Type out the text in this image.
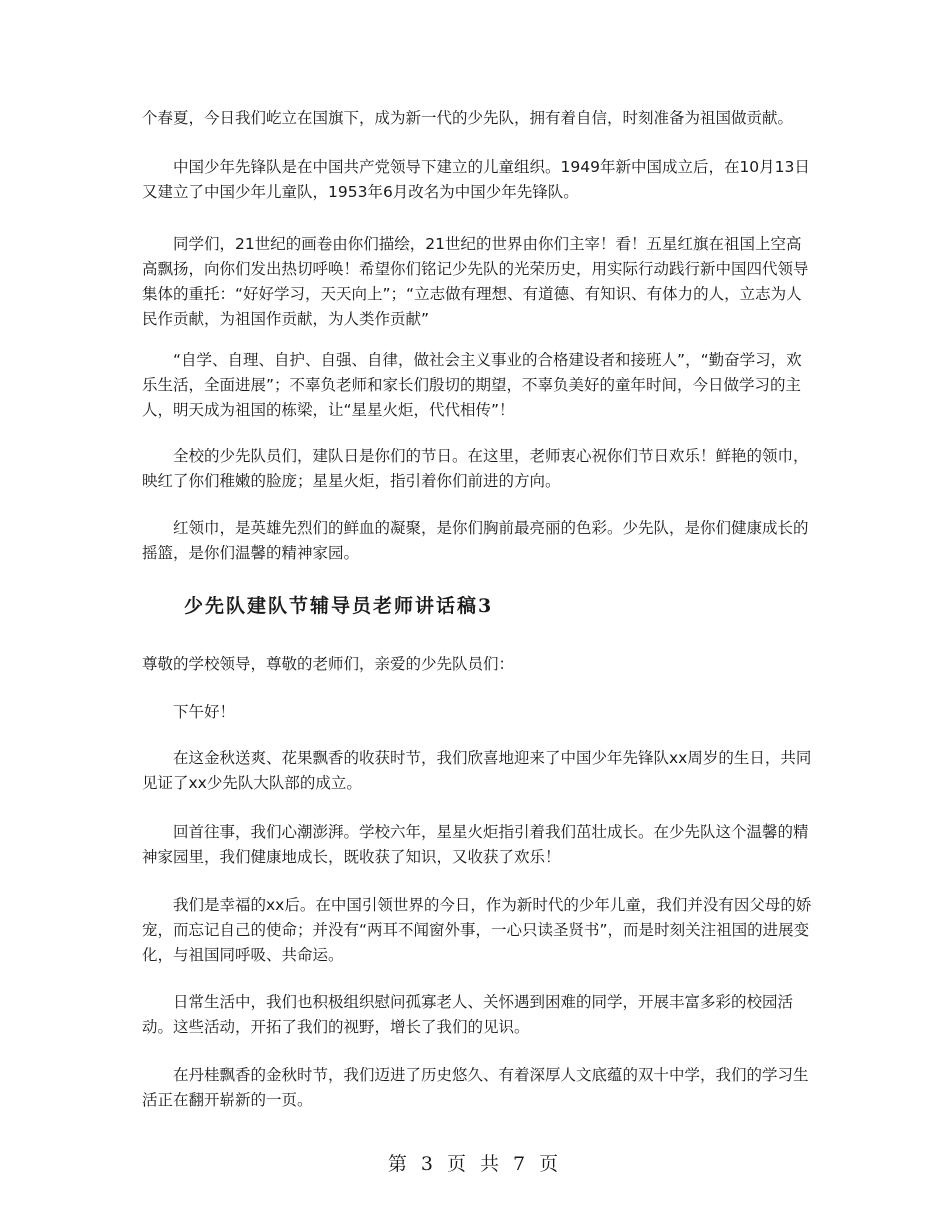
个春夏，今日我们屹立在国旗下，成为新一代的少先队，拥有着自信，时刻准备为祖国做贡献。

中国少年先锋队是在中国共产党领导下建立的儿童组织。1949年新中国成立后，在10月13日又建立了中国少年儿童队，1953年6月改名为中国少年先锋队。

同学们，21世纪的画卷由你们描绘，21世纪的世界由你们主宰！看！五星红旗在祖国上空高高飘扬，向你们发出热切呼唤！希望你们铭记少先队的光荣历史，用实际行动践行新中国四代领导集体的重托：“好好学习，天天向上”；“立志做有理想、有道德、有知识、有体力的人，立志为人民作贡献，为祖国作贡献，为人类作贡献”

“自学、自理、自护、自强、自律，做社会主义事业的合格建设者和接班人”，“勤奋学习，欢乐生活，全面进展”；不辜负老师和家长们殷切的期望，不辜负美好的童年时间，今日做学习的主人，明天成为祖国的栋梁，让“星星火炬，代代相传”！

全校的少先队员们，建队日是你们的节日。在这里，老师衷心祝你们节日欢乐！鲜艳的领巾，映红了你们稚嫩的脸庞；星星火炬，指引着你们前进的方向。

红领巾，是英雄先烈们的鲜血的凝聚，是你们胸前最亮丽的色彩。少先队，是你们健康成长的摇篮，是你们温馨的精神家园。

少先队建队节辅导员老师讲话稿3

尊敬的学校领导，尊敬的老师们，亲爱的少先队员们：

下午好！

在这金秋送爽、花果飘香的收获时节，我们欣喜地迎来了中国少年先锋队xx周岁的生日，共同见证了xx少先队大队部的成立。

回首往事，我们心潮澎湃。学校六年，星星火炬指引着我们茁壮成长。在少先队这个温馨的精神家园里，我们健康地成长，既收获了知识，又收获了欢乐！

我们是幸福的xx后。在中国引领世界的今日，作为新时代的少年儿童，我们并没有因父母的娇宠，而忘记自己的使命；并没有“两耳不闻窗外事，一心只读圣贤书”，而是时刻关注祖国的进展变化，与祖国同呼吸、共命运。

日常生活中，我们也积极组织慰问孤寡老人、关怀遇到困难的同学，开展丰富多彩的校园活动。这些活动，开拓了我们的视野，增长了我们的见识。

在丹桂飘香的金秋时节，我们迈进了历史悠久、有着深厚人文底蕴的双十中学，我们的学习生活正在翻开崭新的一页。

第 3 页 共 7 页
